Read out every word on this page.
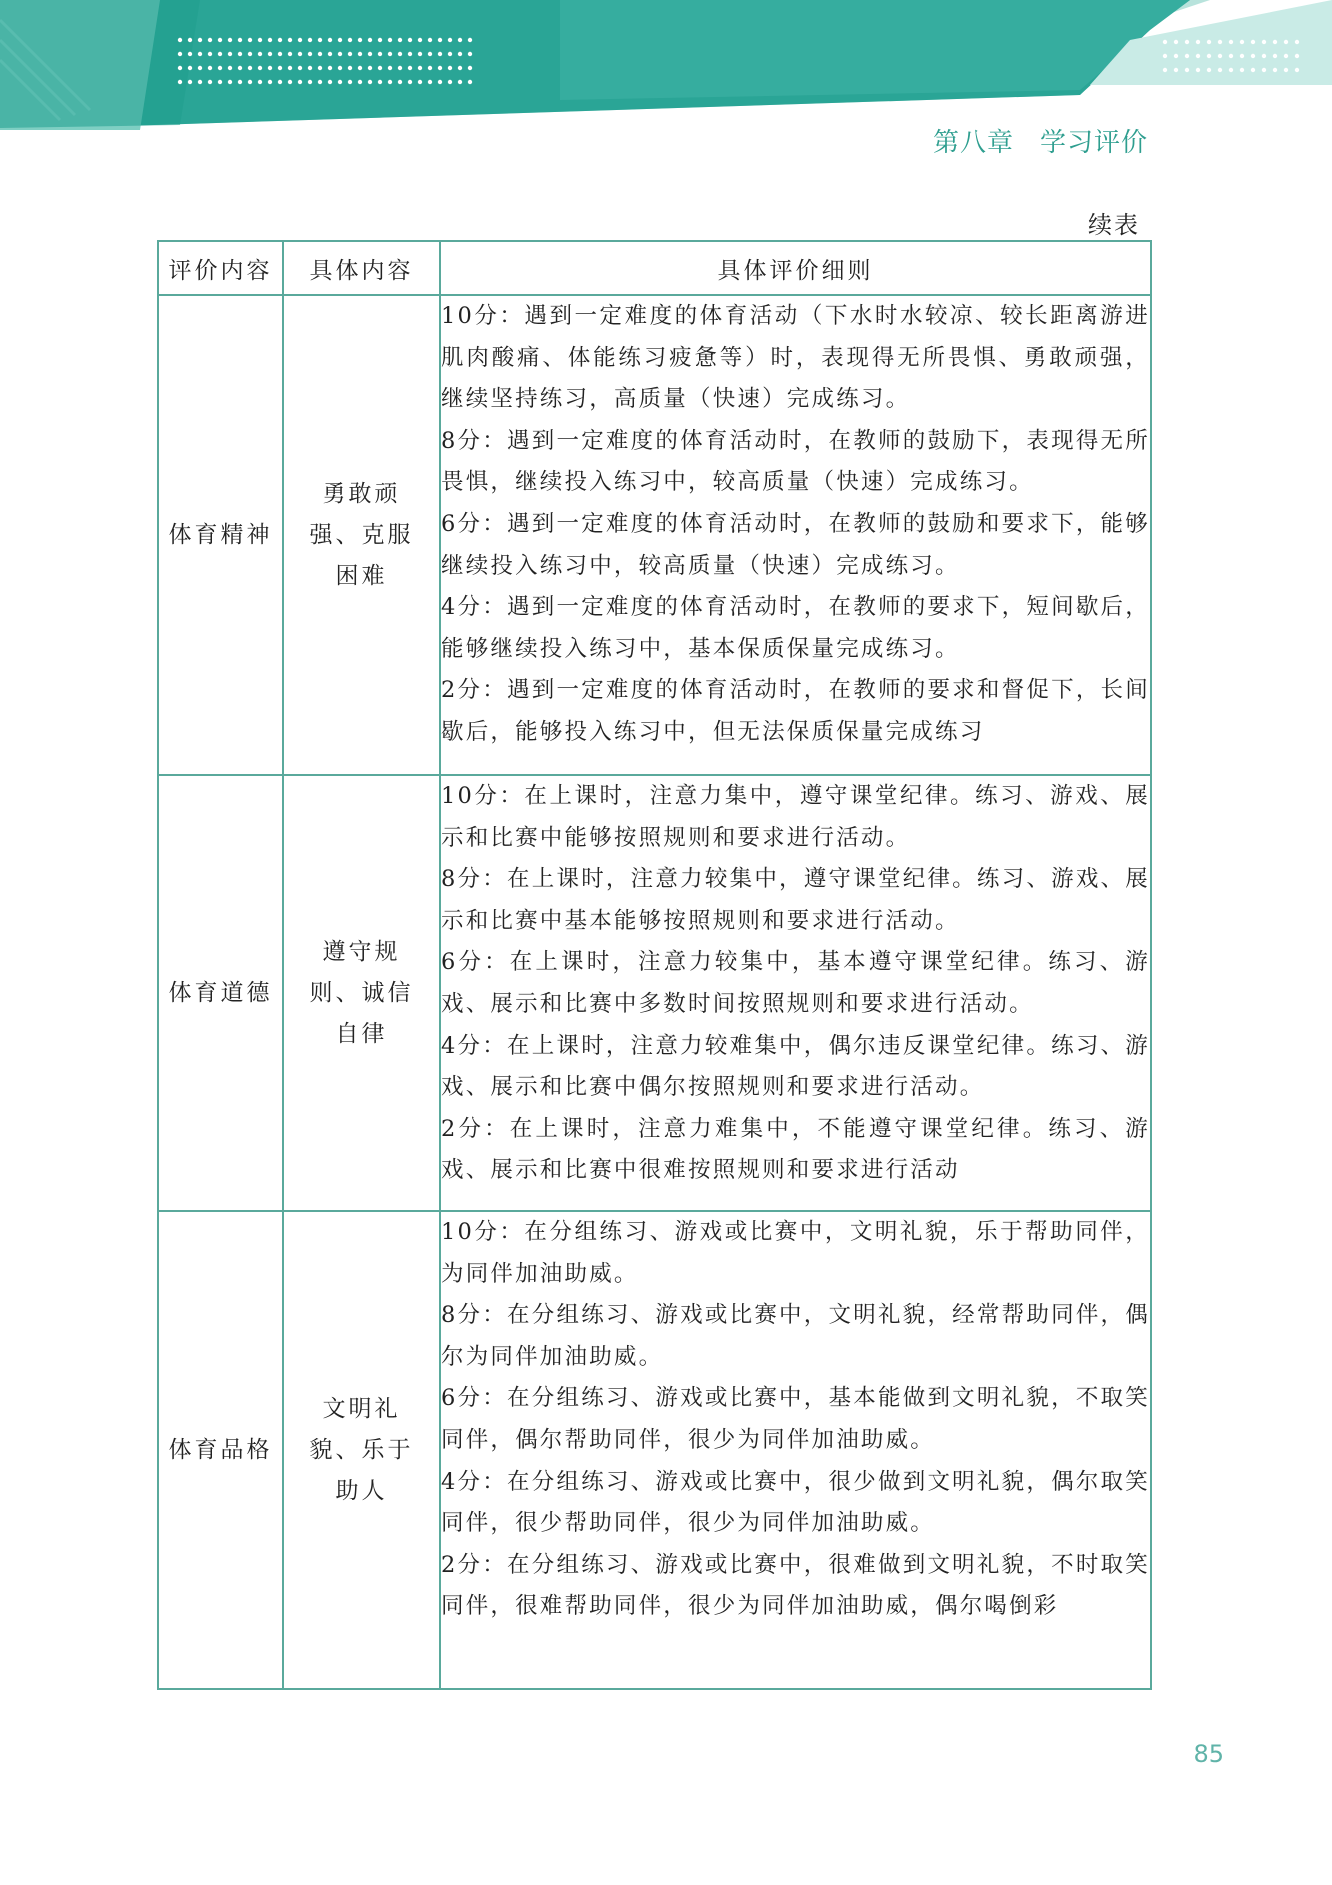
第八章 学习评价
续表
评价内容	具体内容	具体评价细则
体育精神	勇敢顽强、克服困难	10分：遇到一定难度的体育活动（下水时水较凉、较长距离游进肌肉酸痛、体能练习疲惫等）时，表现得无所畏惧、勇敢顽强，继续坚持练习，高质量（快速）完成练习。
8分：遇到一定难度的体育活动时，在教师的鼓励下，表现得无所畏惧，继续投入练习中，较高质量（快速）完成练习。
6分：遇到一定难度的体育活动时，在教师的鼓励和要求下，能够继续投入练习中，较高质量（快速）完成练习。
4分：遇到一定难度的体育活动时，在教师的要求下，短间歇后，能够继续投入练习中，基本保质保量完成练习。
2分：遇到一定难度的体育活动时，在教师的要求和督促下，长间歇后，能够投入练习中，但无法保质保量完成练习

体育道德	遵守规则、诚信自律	10分：在上课时，注意力集中，遵守课堂纪律。练习、游戏、展示和比赛中能够按照规则和要求进行活动。
8分：在上课时，注意力较集中，遵守课堂纪律。练习、游戏、展示和比赛中基本能够按照规则和要求进行活动。
6分：在上课时，注意力较集中，基本遵守课堂纪律。练习、游戏、展示和比赛中多数时间按照规则和要求进行活动。
4分：在上课时，注意力较难集中，偶尔违反课堂纪律。练习、游戏、展示和比赛中偶尔按照规则和要求进行活动。
2分：在上课时，注意力难集中，不能遵守课堂纪律。练习、游戏、展示和比赛中很难按照规则和要求进行活动

体育品格	文明礼貌、乐于助人	10分：在分组练习、游戏或比赛中，文明礼貌，乐于帮助同伴，为同伴加油助威。
8分：在分组练习、游戏或比赛中，文明礼貌，经常帮助同伴，偶尔为同伴加油助威。
6分：在分组练习、游戏或比赛中，基本能做到文明礼貌，不取笑同伴，偶尔帮助同伴，很少为同伴加油助威。
4分：在分组练习、游戏或比赛中，很少做到文明礼貌，偶尔取笑同伴，很少帮助同伴，很少为同伴加油助威。
2分：在分组练习、游戏或比赛中，很难做到文明礼貌，不时取笑同伴，很难帮助同伴，很少为同伴加油助威，偶尔喝倒彩
85
